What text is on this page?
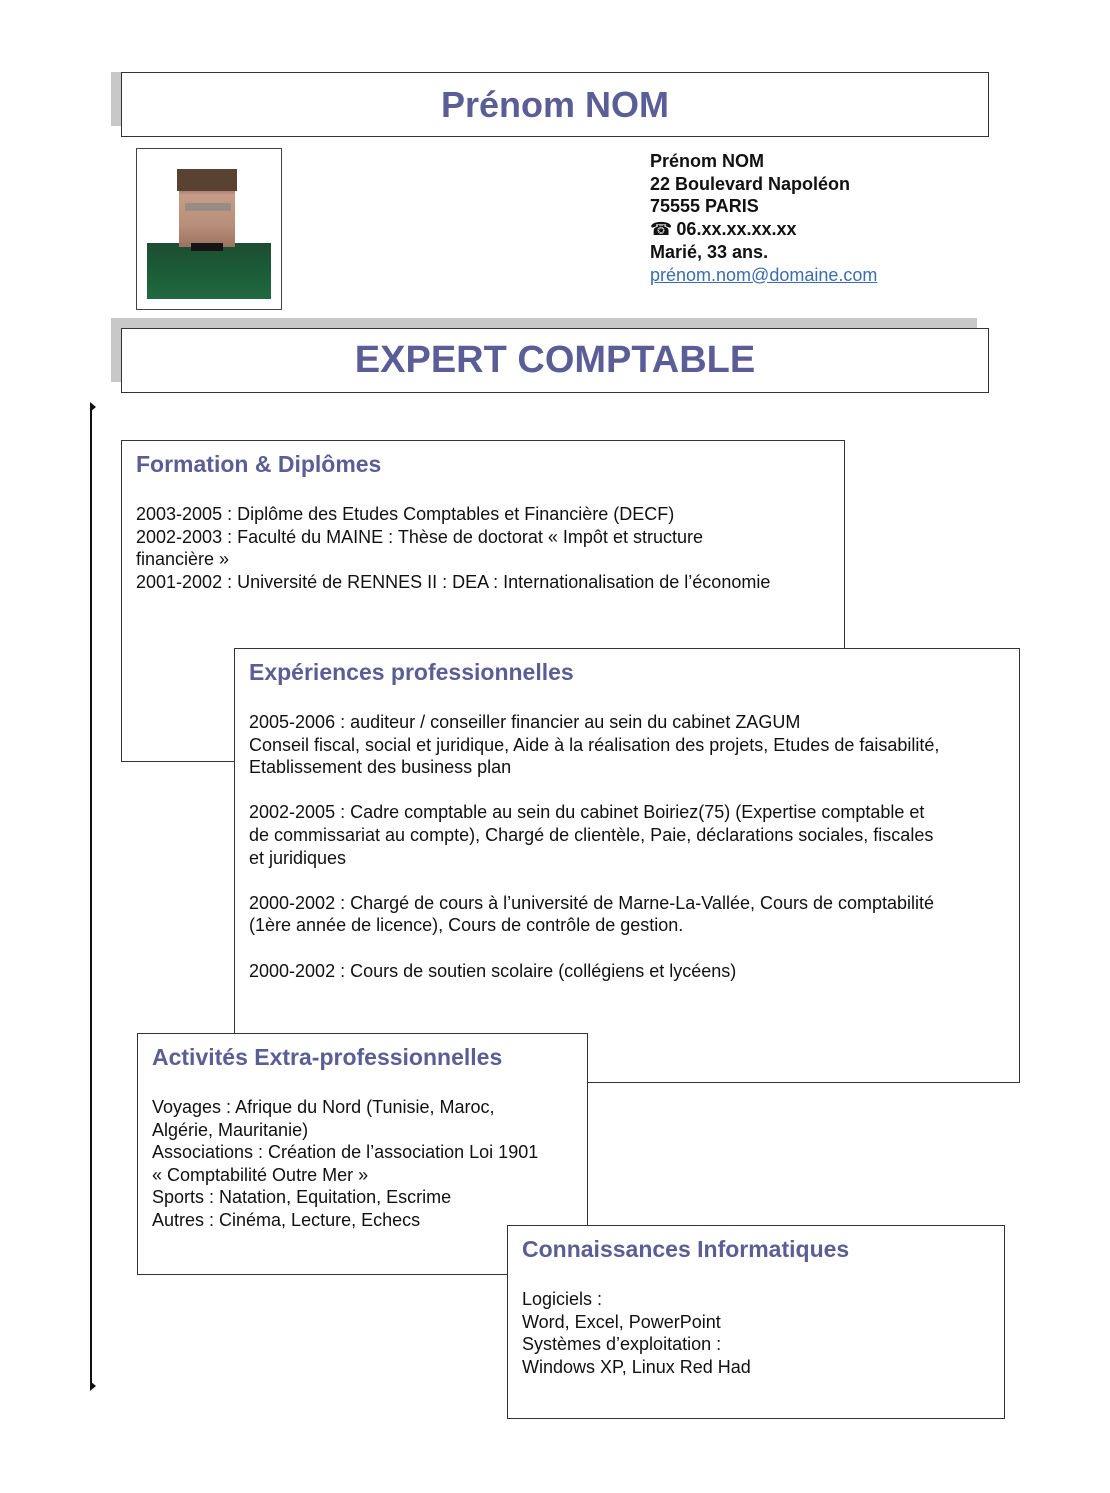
Prénom NOM
Prénom NOM
22 Boulevard Napoléon
75555 PARIS
☎ 06.xx.xx.xx.xx
Marié, 33 ans.
prénom.nom@domaine.com
EXPERT COMPTABLE
Formation & Diplômes

2003-2005 : Diplôme des Etudes Comptables et Financière (DECF)

2002-2003 : Faculté du MAINE : Thèse de doctorat « Impôt et structure

financière »

2001-2002 : Université de RENNES II : DEA : Internationalisation de l’économie

Expériences professionnelles

2005-2006 : auditeur / conseiller financier au sein du cabinet ZAGUM

Conseil fiscal, social et juridique, Aide à la réalisation des projets, Etudes de faisabilité,

Etablissement des business plan

2002-2005 : Cadre comptable au sein du cabinet Boiriez(75) (Expertise comptable et

de commissariat au compte), Chargé de clientèle, Paie, déclarations sociales, fiscales

et juridiques

2000-2002 : Chargé de cours à l’université de Marne-La-Vallée, Cours de comptabilité

(1ère année de licence), Cours de contrôle de gestion.

2000-2002 : Cours de soutien scolaire (collégiens et lycéens)

Activités Extra-professionnelles

Voyages : Afrique du Nord (Tunisie, Maroc,

Algérie, Mauritanie)

Associations : Création de l’association Loi 1901

« Comptabilité Outre Mer »

Sports : Natation, Equitation, Escrime

Autres : Cinéma, Lecture, Echecs

Connaissances Informatiques

Logiciels :

Word, Excel, PowerPoint

Systèmes d’exploitation :

Windows XP, Linux Red Had
